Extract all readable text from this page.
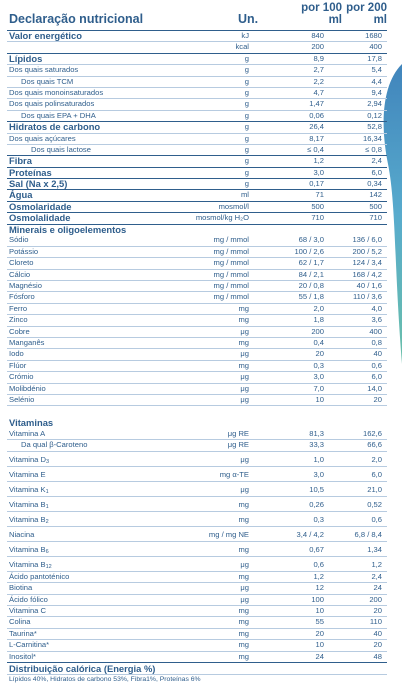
Declaração nutricional	Un.
por 100 ml
por 200 ml
Valor energético	kJ	840	1680
kcal	200	400
Lípidos	g	8,9	17,8
Dos quais saturados	g	2,7	5,4
Dos quais TCM	g	2,2	4,4
Dos quais monoinsaturados	g	4,7	9,4
Dos quais polinsaturados	g	1,47	2,94
Dos quais EPA + DHA	g	0,06	0,12
Hidratos de carbono	g	26,4	52,8
Dos quais açúcares	g	8,17	16,34
Dos quais lactose	g	≤ 0,4	≤ 0,8
Fibra	g	1,2	2,4
Proteínas	g	3,0	6,0
Sal (Na x 2,5)	g	0,17	0,34
Água	ml	71	142
Osmolaridade	mosmol/l	500	500
Osmolalidade	mosmol/kg H₂O	710	710
Minerais e oligoelementos
Sódio	mg / mmol	68 / 3,0	136 / 6,0
Potássio	mg / mmol	100 / 2,6	200 / 5,2
Cloreto	mg / mmol	62 / 1,7	124 / 3,4
Cálcio	mg / mmol	84 / 2,1	168 / 4,2
Magnésio	mg / mmol	20 / 0,8	40 / 1,6
Fósforo	mg / mmol	55 / 1,8	110 / 3,6
Ferro	mg	2,0	4,0
Zinco	mg	1,8	3,6
Cobre	μg	200	400
Manganês	mg	0,4	0,8
Iodo	μg	20	40
Flúor	mg	0,3	0,6
Crómio	μg	3,0	6,0
Molibdénio	μg	7,0	14,0
Selénio	μg	10	20
Vitaminas
Vitamina A	μg RE	81,3	162,6
Da qual β-Caroteno	μg RE	33,3	66,6
Vitamina $D_3$	μg	1,0	2,0
Vitamina E	mg α-TE	3,0	6,0
Vitamina $K_1$	μg	10,5	21,0
Vitamina $B_1$	mg	0,26	0,52
Vitamina $B_2$	mg	0,3	0,6
Niacina	mg / mg NE	3,4 / 4,2	6,8 / 8,4
Vitamina $B_6$	mg	0,67	1,34
Vitamina $B_{12}$	μg	0,6	1,2
Ácido pantoténico	mg	1,2	2,4
Biotina	μg	12	24
Ácido fólico	μg	100	200
Vitamina C	mg	10	20
Colina	mg	55	110
Taurina*	mg	20	40
L-Carnitina*	mg	10	20
Inositol*	mg	24	48
Distribuição calórica (Energia %)
Lípidos 40%, Hidratos de carbono 53%, Fibra1%, Proteínas 6%
